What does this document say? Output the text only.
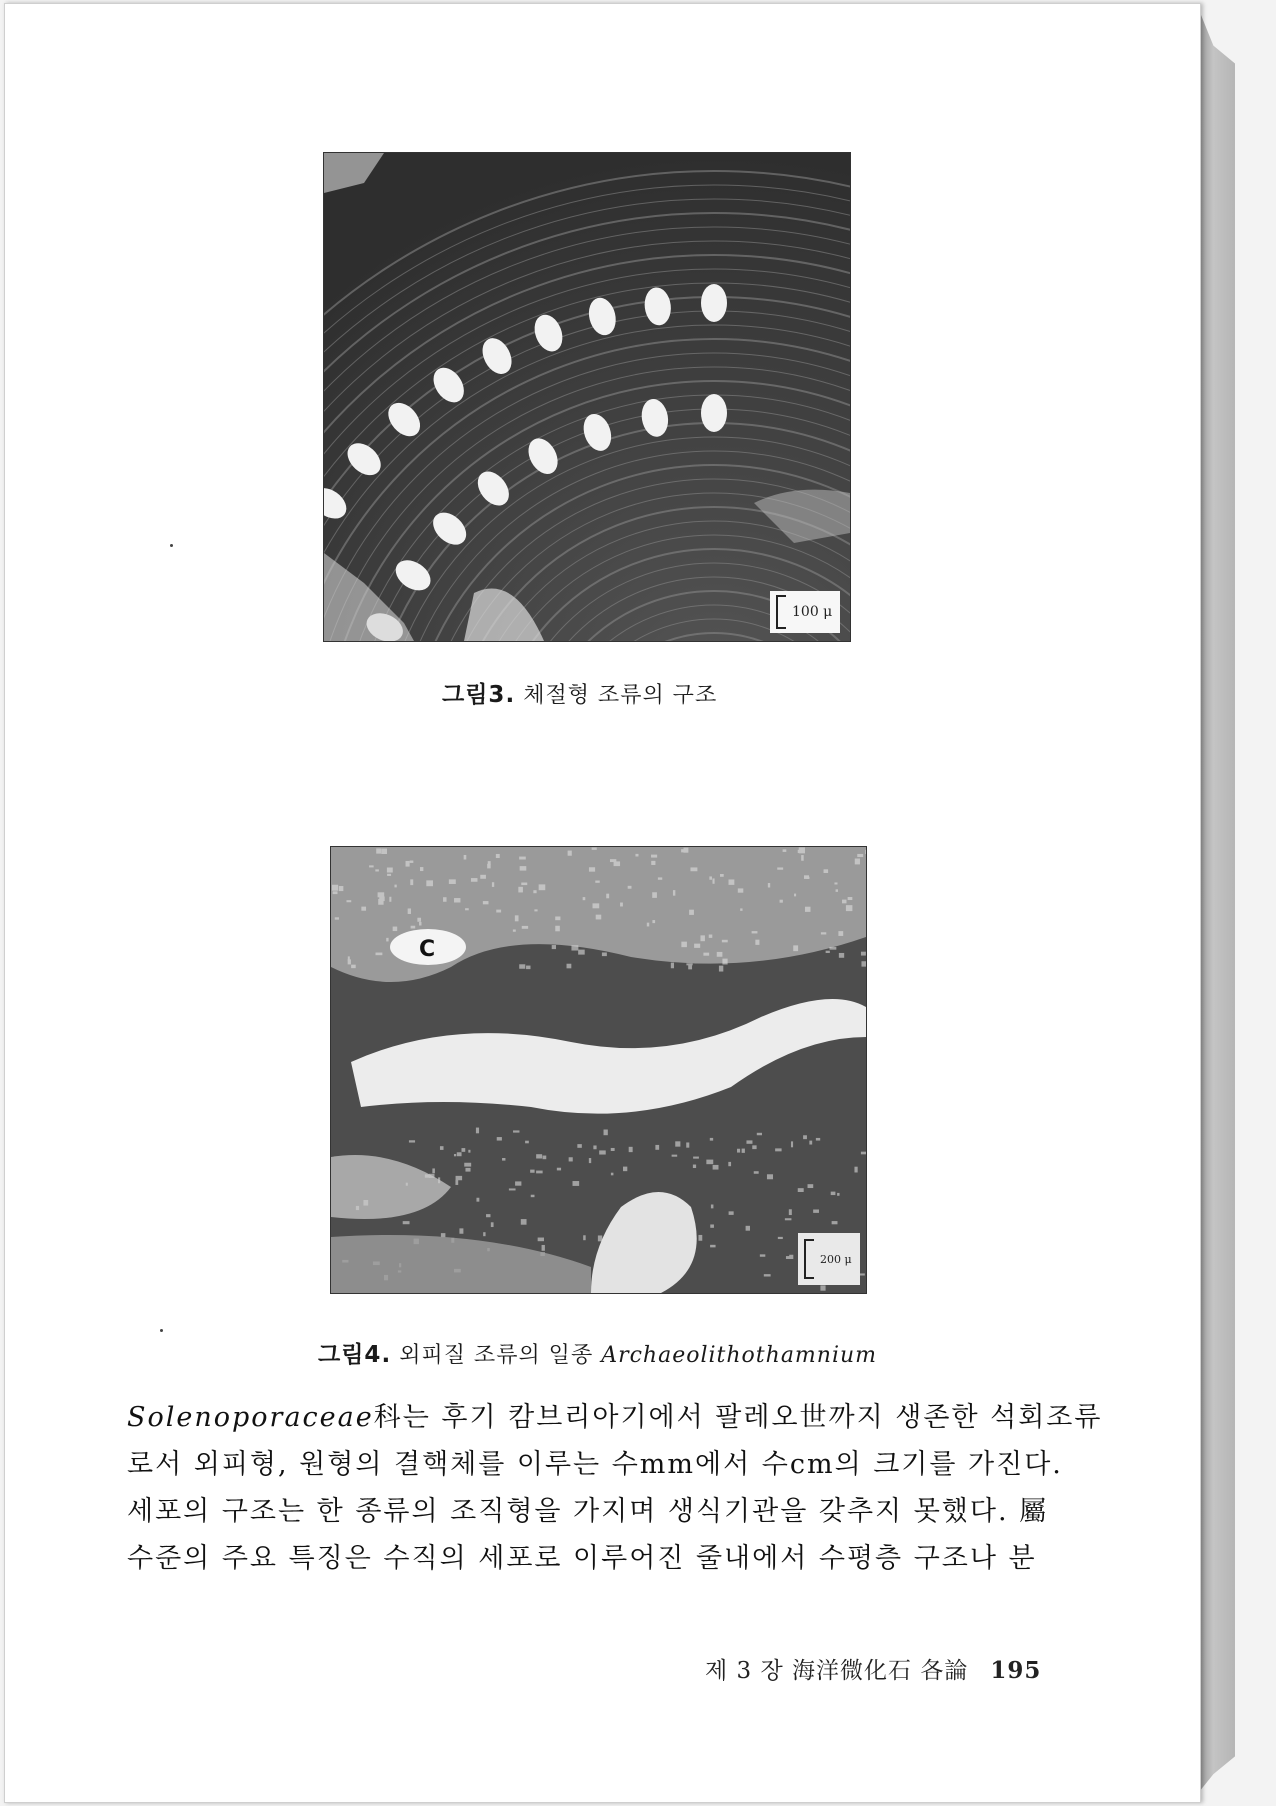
100 μ
그림3. 체절형 조류의 구조
C
200 μ
그림4. 외피질 조류의 일종 Archaeolithothamnium
Solenoporaceae科는 후기 캄브리아기에서 팔레오世까지 생존한 석회조류
로서 외피형, 원형의 결핵체를 이루는 수mm에서 수cm의 크기를 가진다.
세포의 구조는 한 종류의 조직형을 가지며 생식기관을 갖추지 못했다. 屬
수준의 주요 특징은 수직의 세포로 이루어진 줄내에서 수평층 구조나 분
제 3 장 海洋微化石 各論 195
